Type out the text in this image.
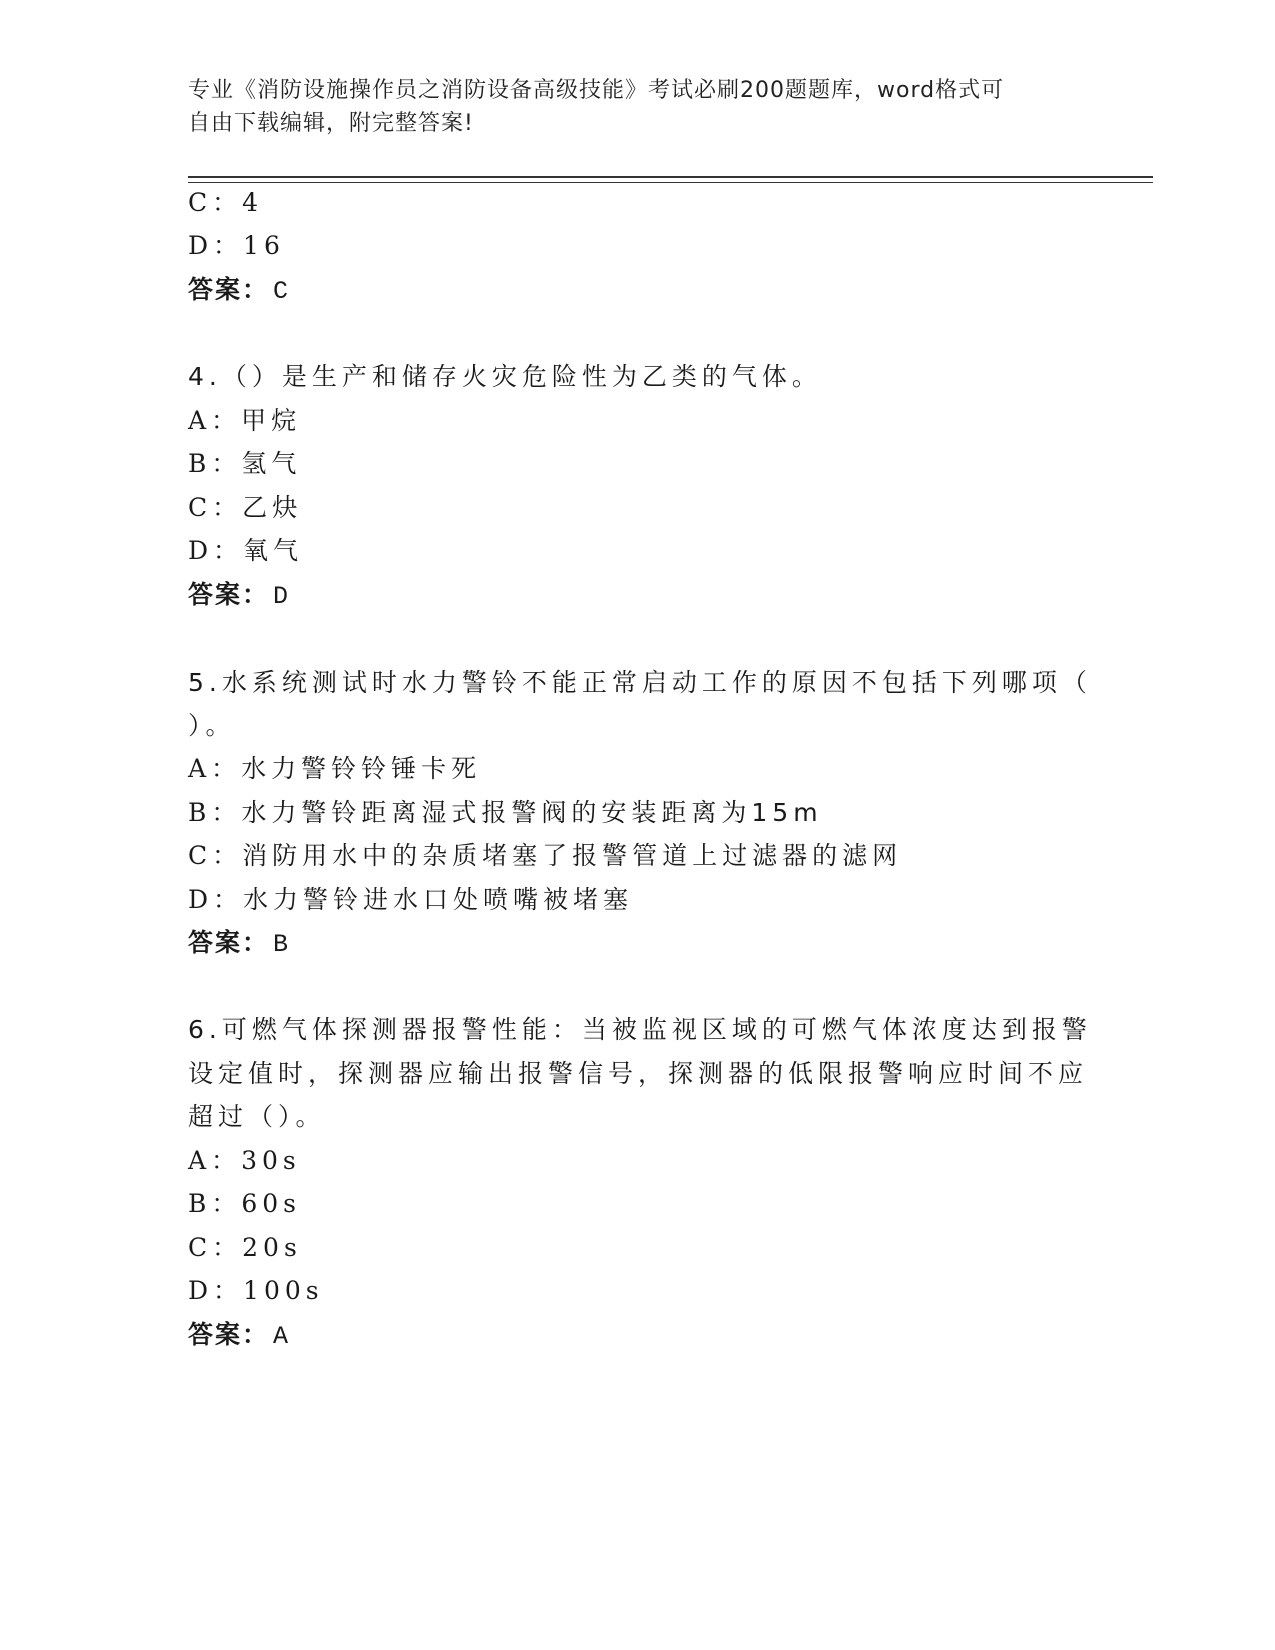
专业《消防设施操作员之消防设备高级技能》考试必刷200题题库，word格式可
自由下载编辑，附完整答案!
C：4
D：16
答案： C
4.（）是生产和储存火灾危险性为乙类的气体。
A：甲烷
B：氢气
C：乙炔
D：氧气
答案： D
5.水系统测试时水力警铃不能正常启动工作的原因不包括下列哪项（
）。
A：水力警铃铃锤卡死
B：水力警铃距离湿式报警阀的安装距离为15m
C：消防用水中的杂质堵塞了报警管道上过滤器的滤网
D：水力警铃进水口处喷嘴被堵塞
答案： B
6.可燃气体探测器报警性能：当被监视区域的可燃气体浓度达到报警
设定值时，探测器应输出报警信号，探测器的低限报警响应时间不应
超过（）。
A：30s
B：60s
C：20s
D：100s
答案： A
